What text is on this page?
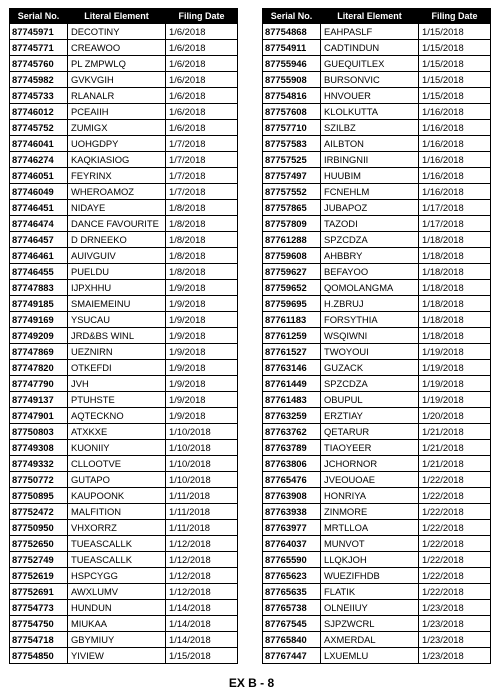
Serial No.	Literal Element	Filing Date
87745971	DECOTINY	1/6/2018
87745771	CREAWOO	1/6/2018
87745760	PL ZMPWLQ	1/6/2018
87745982	GVKVGIH	1/6/2018
87745733	RLANALR	1/6/2018
87746012	PCEAIIH	1/6/2018
87745752	ZUMIGX	1/6/2018
87746041	UOHGDPY	1/7/2018
87746274	KAQKIASIOG	1/7/2018
87746051	FEYRINX	1/7/2018
87746049	WHEROAMOZ	1/7/2018
87746451	NIDAYE	1/8/2018
87746474	DANCE FAVOURITE	1/8/2018
87746457	D DRNEEKO	1/8/2018
87746461	AUIVGUIV	1/8/2018
87746455	PUELDU	1/8/2018
87747883	IJPXHHU	1/9/2018
87749185	SMAIEMEINU	1/9/2018
87749169	YSUCAU	1/9/2018
87749209	JRD&BS WINL	1/9/2018
87747869	UEZNIRN	1/9/2018
87747820	OTKEFDI	1/9/2018
87747790	JVH	1/9/2018
87749137	PTUHSTE	1/9/2018
87747901	AQTECKNO	1/9/2018
87750803	ATXKXE	1/10/2018
87749308	KUONIIY	1/10/2018
87749332	CLLOOTVE	1/10/2018
87750772	GUTAPO	1/10/2018
87750895	KAUPOONK	1/11/2018
87752472	MALFITION	1/11/2018
87750950	VHXORRZ	1/11/2018
87752650	TUEASCALLK	1/12/2018
87752749	TUEASCALLK	1/12/2018
87752619	HSPCYGG	1/12/2018
87752691	AWXLUMV	1/12/2018
87754773	HUNDUN	1/14/2018
87754750	MIUKAA	1/14/2018
87754718	GBYMIUY	1/14/2018
87754850	YIVIEW	1/15/2018
Serial No.	Literal Element	Filing Date
87754868	EAHPASLF	1/15/2018
87754911	CADTINDUN	1/15/2018
87755946	GUEQUITLEX	1/15/2018
87755908	BURSONVIC	1/15/2018
87754816	HNVOUER	1/15/2018
87757608	KLOLKUTTA	1/16/2018
87757710	SZILBZ	1/16/2018
87757583	AILBTON	1/16/2018
87757525	IRBINGNII	1/16/2018
87757497	HUUBIM	1/16/2018
87757552	FCNEHLM	1/16/2018
87757865	JUBAPOZ	1/17/2018
87757809	TAZODI	1/17/2018
87761288	SPZCDZA	1/18/2018
87759608	AHBBRY	1/18/2018
87759627	BEFAYOO	1/18/2018
87759652	QOMOLANGMA	1/18/2018
87759695	H.ZBRUJ	1/18/2018
87761183	FORSYTHIA	1/18/2018
87761259	WSQIWNI	1/18/2018
87761527	TWOYOUI	1/19/2018
87763146	GUZACK	1/19/2018
87761449	SPZCDZA	1/19/2018
87761483	OBUPUL	1/19/2018
87763259	ERZTIAY	1/20/2018
87763762	QETARUR	1/21/2018
87763789	TIAOYEER	1/21/2018
87763806	JCHORNOR	1/21/2018
87765476	JVEOUOAE	1/22/2018
87763908	HONRIYA	1/22/2018
87763938	ZINMORE	1/22/2018
87763977	MRTLLOA	1/22/2018
87764037	MUNVOT	1/22/2018
87765590	LLQKJOH	1/22/2018
87765623	WUEZIFHDB	1/22/2018
87765635	FLATIK	1/22/2018
87765738	OLNEIIUY	1/23/2018
87767545	SJPZWCRL	1/23/2018
87765840	AXMERDAL	1/23/2018
87767447	LXUEMLU	1/23/2018
EX B - 8
